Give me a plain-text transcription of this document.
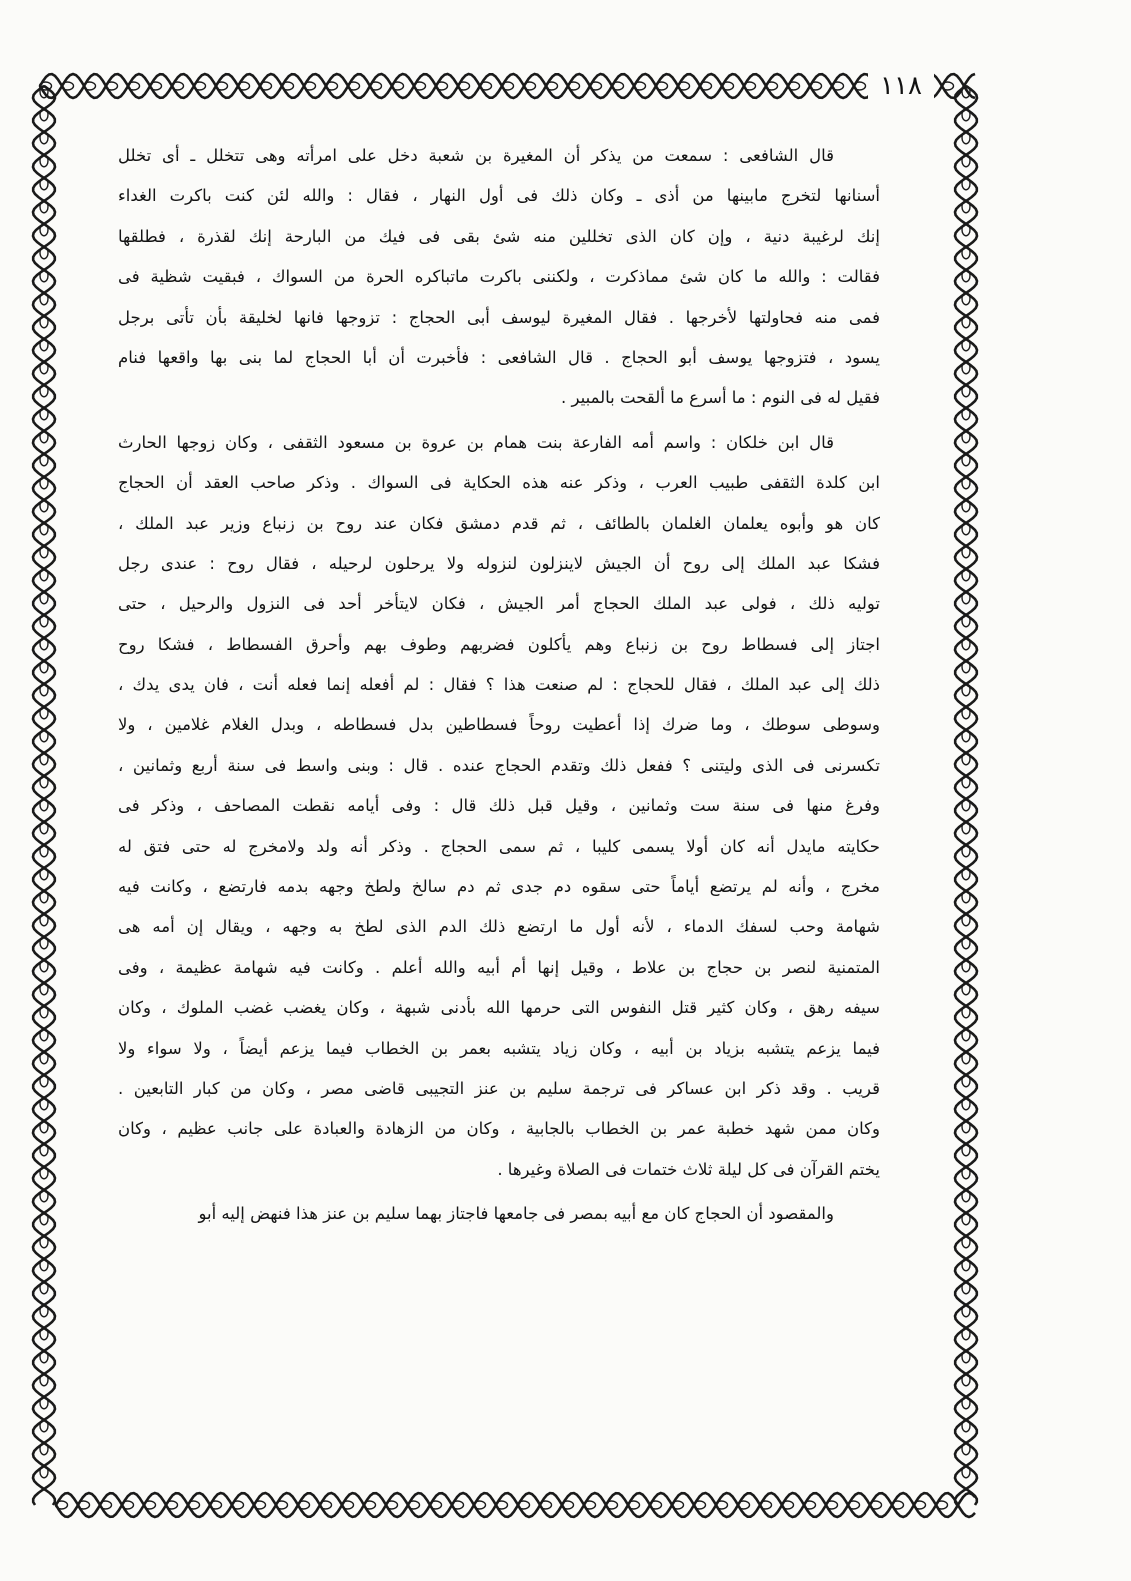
١١٨
قال الشافعى : سمعت من يذكر أن المغيرة بن شعبة دخل على امرأته وهى تتخلل ـ أى تخلل
أسنانها لتخرج مابينها من أذى ـ وكان ذلك فى أول النهار ، فقال : والله لئن كنت باكرت الغداء
إنك لرغيبة دنية ، وإن كان الذى تخللين منه شئ بقى فى فيك من البارحة إنك لقذرة ، فطلقها
فقالت : والله ما كان شئ مماذكرت ، ولكننى باكرت ماتباكره الحرة من السواك ، فبقيت شظية فى
فمى منه فحاولتها لأخرجها . فقال المغيرة ليوسف أبى الحجاج : تزوجها فانها لخليقة بأن تأتى برجل
يسود ، فتزوجها يوسف أبو الحجاج . قال الشافعى : فأخبرت أن أبا الحجاج لما بنى بها واقعها فنام
فقيل له فى النوم : ما أسرع ما ألقحت بالمبير .
قال ابن خلكان : واسم أمه الفارعة بنت همام بن عروة بن مسعود الثقفى ، وكان زوجها الحارث
ابن كلدة الثقفى طبيب العرب ، وذكر عنه هذه الحكاية فى السواك . وذكر صاحب العقد أن الحجاج
كان هو وأبوه يعلمان الغلمان بالطائف ، ثم قدم دمشق فكان عند روح بن زنباع وزير عبد الملك ،
فشكا عبد الملك إلى روح أن الجيش لاينزلون لنزوله ولا يرحلون لرحيله ، فقال روح : عندى رجل
توليه ذلك ، فولى عبد الملك الحجاج أمر الجيش ، فكان لايتأخر أحد فى النزول والرحيل ، حتى
اجتاز إلى فسطاط روح بن زنباع وهم يأكلون فضربهم وطوف بهم وأحرق الفسطاط ، فشكا روح
ذلك إلى عبد الملك ، فقال للحجاج : لم صنعت هذا ؟ فقال : لم أفعله إنما فعله أنت ، فان يدى يدك ،
وسوطى سوطك ، وما ضرك إذا أعطيت روحاً فسطاطين بدل فسطاطه ، وبدل الغلام غلامين ، ولا
تكسرنى فى الذى وليتنى ؟ ففعل ذلك وتقدم الحجاج عنده . قال : وبنى واسط فى سنة أربع وثمانين ،
وفرغ منها فى سنة ست وثمانين ، وقيل قبل ذلك قال : وفى أيامه نقطت المصاحف ، وذكر فى
حكايته مايدل أنه كان أولا يسمى كليبا ، ثم سمى الحجاج . وذكر أنه ولد ولامخرج له حتى فتق له
مخرج ، وأنه لم يرتضع أياماً حتى سقوه دم جدى ثم دم سالخ ولطخ وجهه بدمه فارتضع ، وكانت فيه
شهامة وحب لسفك الدماء ، لأنه أول ما ارتضع ذلك الدم الذى لطخ به وجهه ، ويقال إن أمه هى
المتمنية لنصر بن حجاج بن علاط ، وقيل إنها أم أبيه والله أعلم . وكانت فيه شهامة عظيمة ، وفى
سيفه رهق ، وكان كثير قتل النفوس التى حرمها الله بأدنى شبهة ، وكان يغضب غضب الملوك ، وكان
فيما يزعم يتشبه بزياد بن أبيه ، وكان زياد يتشبه بعمر بن الخطاب فيما يزعم أيضاً ، ولا سواء ولا
قريب . وقد ذكر ابن عساكر فى ترجمة سليم بن عنز التجيبى قاضى مصر ، وكان من كبار التابعين .
وكان ممن شهد خطبة عمر بن الخطاب بالجابية ، وكان من الزهادة والعبادة على جانب عظيم ، وكان
يختم القرآن فى كل ليلة ثلاث ختمات فى الصلاة وغيرها .
والمقصود أن الحجاج كان مع أبيه بمصر فى جامعها فاجتاز بهما سليم بن عنز هذا فنهض إليه أبو
